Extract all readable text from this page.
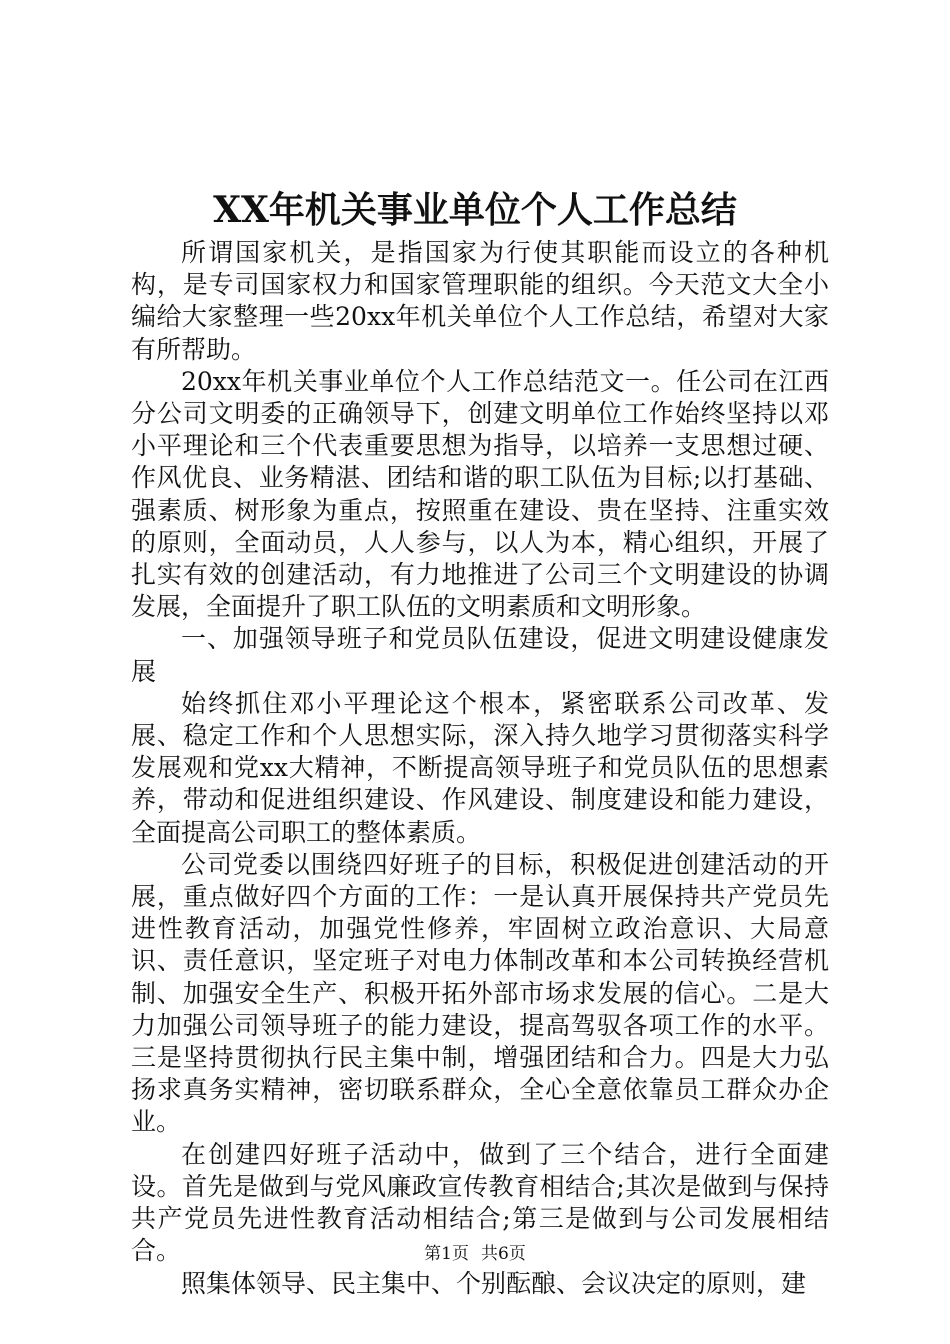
XX年机关事业单位个人工作总结

所谓国家机关，是指国家为行使其职能而设立的各种机构，是专司国家权力和国家管理职能的组织。今天范文大全小编给大家整理一些20xx年机关单位个人工作总结，希望对大家有所帮助。

20xx年机关事业单位个人工作总结范文一。任公司在江西分公司文明委的正确领导下，创建文明单位工作始终坚持以邓小平理论和三个代表重要思想为指导，以培养一支思想过硬、作风优良、业务精湛、团结和谐的职工队伍为目标;以打基础、强素质、树形象为重点，按照重在建设、贵在坚持、注重实效的原则，全面动员，人人参与，以人为本，精心组织，开展了扎实有效的创建活动，有力地推进了公司三个文明建设的协调发展，全面提升了职工队伍的文明素质和文明形象。

一、加强领导班子和党员队伍建设，促进文明建设健康发展

始终抓住邓小平理论这个根本，紧密联系公司改革、发展、稳定工作和个人思想实际，深入持久地学习贯彻落实科学发展观和党xx大精神，不断提高领导班子和党员队伍的思想素养，带动和促进组织建设、作风建设、制度建设和能力建设，全面提高公司职工的整体素质。

公司党委以围绕四好班子的目标，积极促进创建活动的开展，重点做好四个方面的工作：一是认真开展保持共产党员先进性教育活动，加强党性修养，牢固树立政治意识、大局意识、责任意识，坚定班子对电力体制改革和本公司转换经营机制、加强安全生产、积极开拓外部市场求发展的信心。二是大力加强公司领导班子的能力建设，提高驾驭各项工作的水平。三是坚持贯彻执行民主集中制，增强团结和合力。四是大力弘扬求真务实精神，密切联系群众，全心全意依靠员工群众办企业。

在创建四好班子活动中，做到了三个结合，进行全面建设。首先是做到与党风廉政宣传教育相结合;其次是做到与保持共产党员先进性教育活动相结合;第三是做到与公司发展相结合。

照集体领导、民主集中、个别酝酿、会议决定的原则，建

第1页 共6页
